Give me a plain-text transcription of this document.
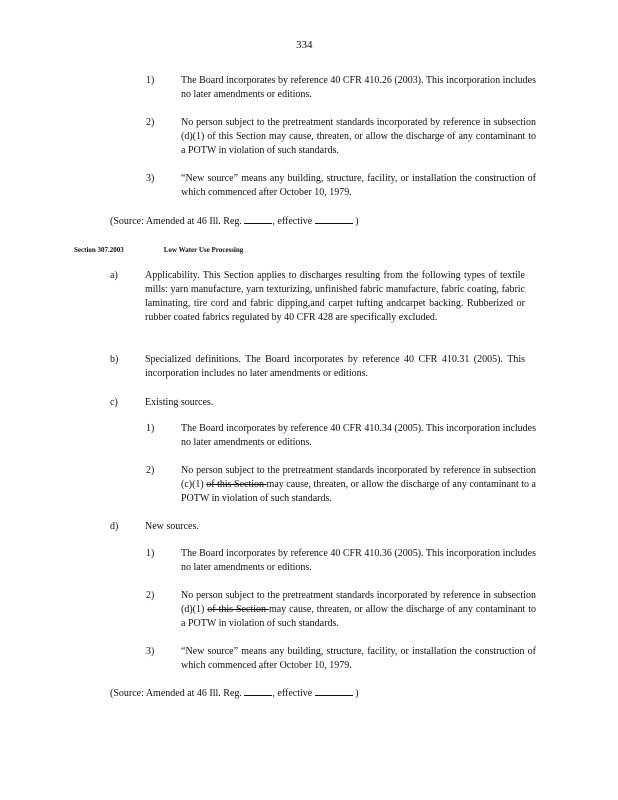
334
1)	The Board incorporates by reference 40 CFR 410.26 (2003). This incorporation includes no later amendments or editions.
2)	No person subject to the pretreatment standards incorporated by reference in subsection (d)(1) of this Section may cause, threaten, or allow the discharge of any contaminant to a POTW in violation of such standards.
3)	“New source” means any building, structure, facility, or installation the construction of which commenced after October 10, 1979.
(Source: Amended at 46 Ill. Reg.	, effective	)
Section 307.2003	Low Water Use Processing
a)	Applicability. This Section applies to discharges resulting from the following types of textile mills: yarn manufacture, yarn texturizing, unfinished fabric manufacture, fabric coating, fabric laminating, tire cord and fabric dipping,and carpet tufting andcarpet backing. Rubberized or rubber coated fabrics regulated by 40 CFR 428 are specifically excluded.
b)	Specialized definitions. The Board incorporates by reference 40 CFR 410.31 (2005). This incorporation includes no later amendments or editions.
c)	Existing sources.
1)	The Board incorporates by reference 40 CFR 410.34 (2005). This incorporation includes no later amendments or editions.
2)	No person subject to the pretreatment standards incorporated by reference in subsection (c)(1) of this Section may cause, threaten, or allow the discharge of any contaminant to a POTW in violation of such standards.
d)	New sources.
1)	The Board incorporates by reference 40 CFR 410.36 (2005). This incorporation includes no later amendments or editions.
2)	No person subject to the pretreatment standards incorporated by reference in subsection (d)(1) of this Section may cause, threaten, or allow the discharge of any contaminant to a POTW in violation of such standards.
3)	“New source” means any building, structure, facility, or installation the construction of which commenced after October 10, 1979.
(Source: Amended at 46 Ill. Reg.	, effective	)
